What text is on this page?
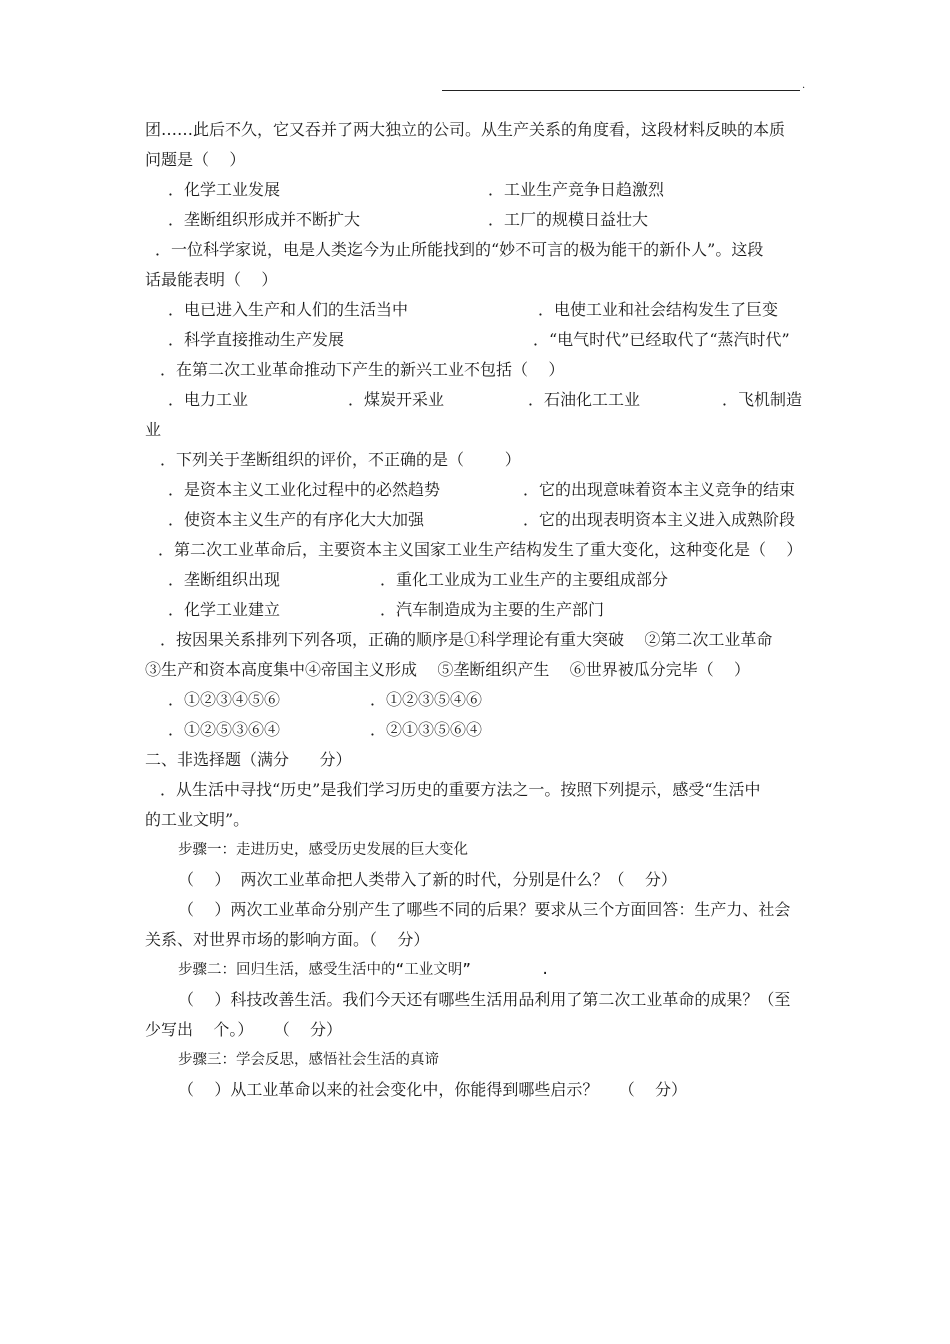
.
团……此后不久，它又吞并了两大独立的公司。从生产关系的角度看，这段材料反映的本质
问题是（    ）
．化学工业发展	．工业生产竞争日趋激烈
．垄断组织形成并不断扩大	．工厂的规模日益壮大
．一位科学家说，电是人类迄今为止所能找到的“妙不可言的极为能干的新仆人”。这段
话最能表明（    ）
．电已进入生产和人们的生活当中	．电使工业和社会结构发生了巨变
．科学直接推动生产发展	．“电气时代”已经取代了“蒸汽时代”
．在第二次工业革命推动下产生的新兴工业不包括（    ）
．电力工业	．煤炭开采业	．石油化工工业	．飞机制造
业
．下列关于垄断组织的评价，不正确的是（        ）
．是资本主义工业化过程中的必然趋势	．它的出现意味着资本主义竞争的结束
．使资本主义生产的有序化大大加强	．它的出现表明资本主义进入成熟阶段
．第二次工业革命后，主要资本主义国家工业生产结构发生了重大变化，这种变化是（    ）
．垄断组织出现	．重化工业成为工业生产的主要组成部分
．化学工业建立	．汽车制造成为主要的生产部门
．按因果关系排列下列各项，正确的顺序是①科学理论有重大突破    ②第二次工业革命
③生产和资本高度集中④帝国主义形成    ⑤垄断组织产生    ⑥世界被瓜分完毕（    ）
．①②③④⑤⑥	．①②③⑤④⑥
．①②⑤③⑥④	．②①③⑤⑥④
二、非选择题（满分      分）
．从生活中寻找“历史”是我们学习历史的重要方法之一。按照下列提示，感受“生活中
的工业文明”。
步骤一：走进历史，感受历史发展的巨大变化
（    ）  两次工业革命把人类带入了新的时代，分别是什么？（    分）
（    ）两次工业革命分别产生了哪些不同的后果？要求从三个方面回答：生产力、社会
关系、对世界市场的影响方面。（    分）
步骤二：回归生活，感受生活中的“工业文明”        .
（    ）科技改善生活。我们今天还有哪些生活用品利用了第二次工业革命的成果？（至
少写出    个。）    （    分）
步骤三：学会反思，感悟社会生活的真谛
（    ）从工业革命以来的社会变化中，你能得到哪些启示？    （    分）
